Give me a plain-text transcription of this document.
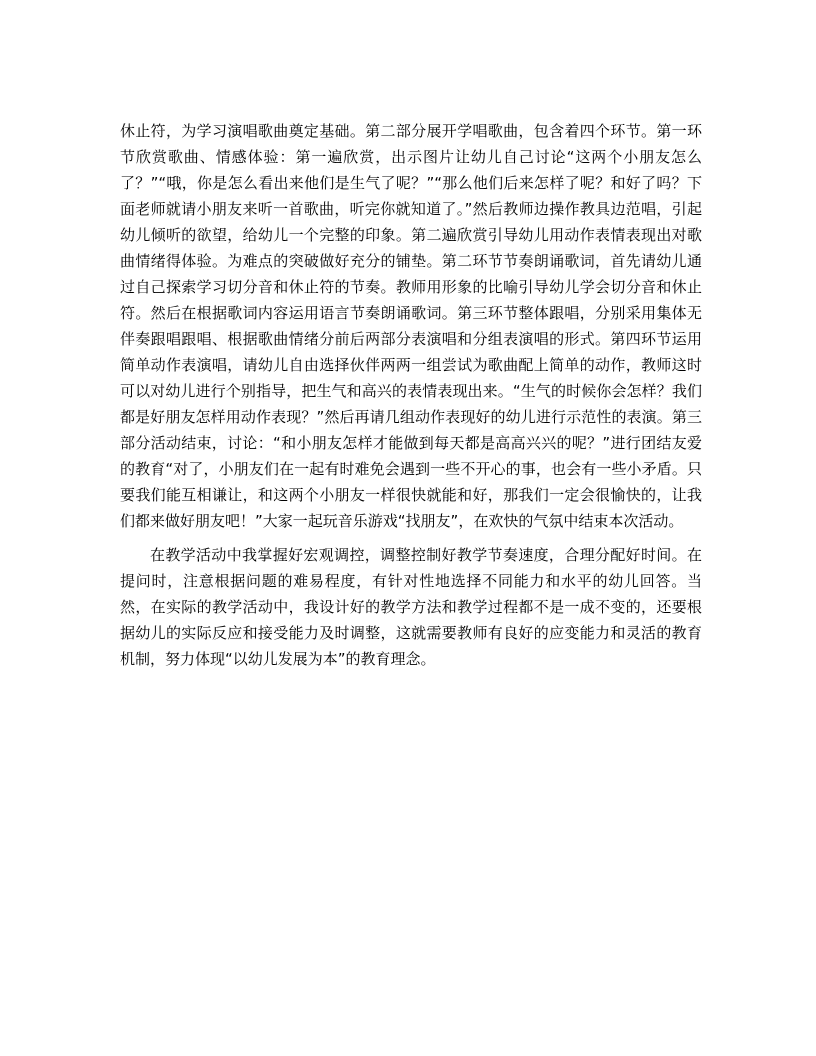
休止符，为学习演唱歌曲奠定基础。第二部分展开学唱歌曲，包含着四个环节。第一环节欣赏歌曲、情感体验：第一遍欣赏，出示图片让幼儿自己讨论“这两个小朋友怎么了？”“哦，你是怎么看出来他们是生气了呢？”“那么他们后来怎样了呢？和好了吗？下面老师就请小朋友来听一首歌曲，听完你就知道了。”然后教师边操作教具边范唱，引起幼儿倾听的欲望，给幼儿一个完整的印象。第二遍欣赏引导幼儿用动作表情表现出对歌曲情绪得体验。为难点的突破做好充分的铺垫。第二环节节奏朗诵歌词，首先请幼儿通过自己探索学习切分音和休止符的节奏。教师用形象的比喻引导幼儿学会切分音和休止符。然后在根据歌词内容运用语言节奏朗诵歌词。第三环节整体跟唱，分别采用集体无伴奏跟唱跟唱、根据歌曲情绪分前后两部分表演唱和分组表演唱的形式。第四环节运用简单动作表演唱，请幼儿自由选择伙伴两两一组尝试为歌曲配上简单的动作，教师这时可以对幼儿进行个别指导，把生气和高兴的表情表现出来。“生气的时候你会怎样？我们都是好朋友怎样用动作表现？”然后再请几组动作表现好的幼儿进行示范性的表演。第三部分活动结束，讨论：“和小朋友怎样才能做到每天都是高高兴兴的呢？”进行团结友爱的教育“对了，小朋友们在一起有时难免会遇到一些不开心的事，也会有一些小矛盾。只要我们能互相谦让，和这两个小朋友一样很快就能和好，那我们一定会很愉快的，让我们都来做好朋友吧！”大家一起玩音乐游戏“找朋友”，在欢快的气氛中结束本次活动。

在教学活动中我掌握好宏观调控，调整控制好教学节奏速度，合理分配好时间。在提问时，注意根据问题的难易程度，有针对性地选择不同能力和水平的幼儿回答。当然，在实际的教学活动中，我设计好的教学方法和教学过程都不是一成不变的，还要根据幼儿的实际反应和接受能力及时调整，这就需要教师有良好的应变能力和灵活的教育机制，努力体现“以幼儿发展为本”的教育理念。
